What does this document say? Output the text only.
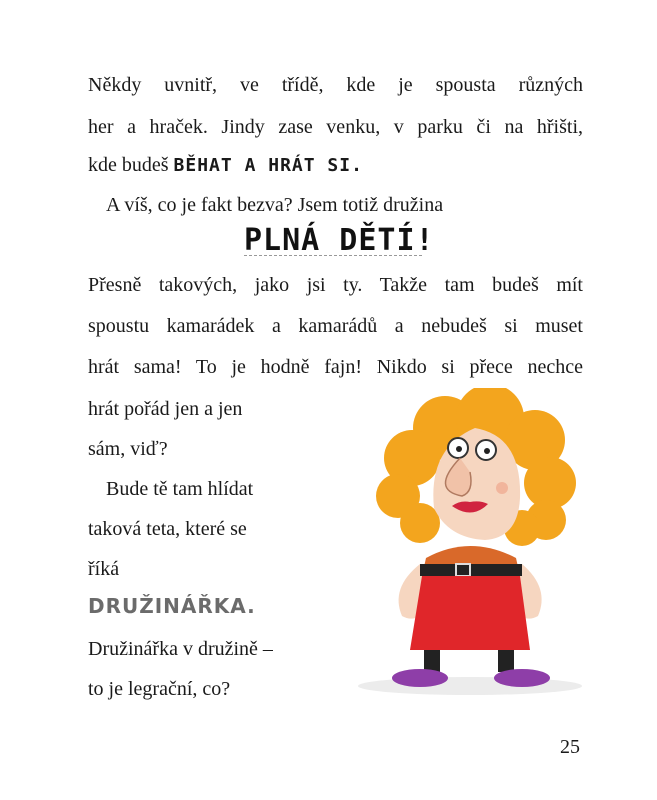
Někdy uvnitř, ve třídě, kde je spousta různých
her a hraček. Jindy zase venku, v parku či na hřišti,
kde budeš BĚHAT A HRÁT SI.
A víš, co je fakt bezva? Jsem totiž družina
PLNÁ DĚTÍ!
Přesně takových, jako jsi ty. Takže tam budeš mít
spoustu kamarádek a kamarádů a nebudeš si muset
hrát sama! To je hodně fajn! Nikdo si přece nechce
hrát pořád jen a jen
sám, viď?
Bude tě tam hlídat
taková teta, které se
říká
DRUŽINÁŘKA.
Družinářka v družině –
to je legrační, co?
25
